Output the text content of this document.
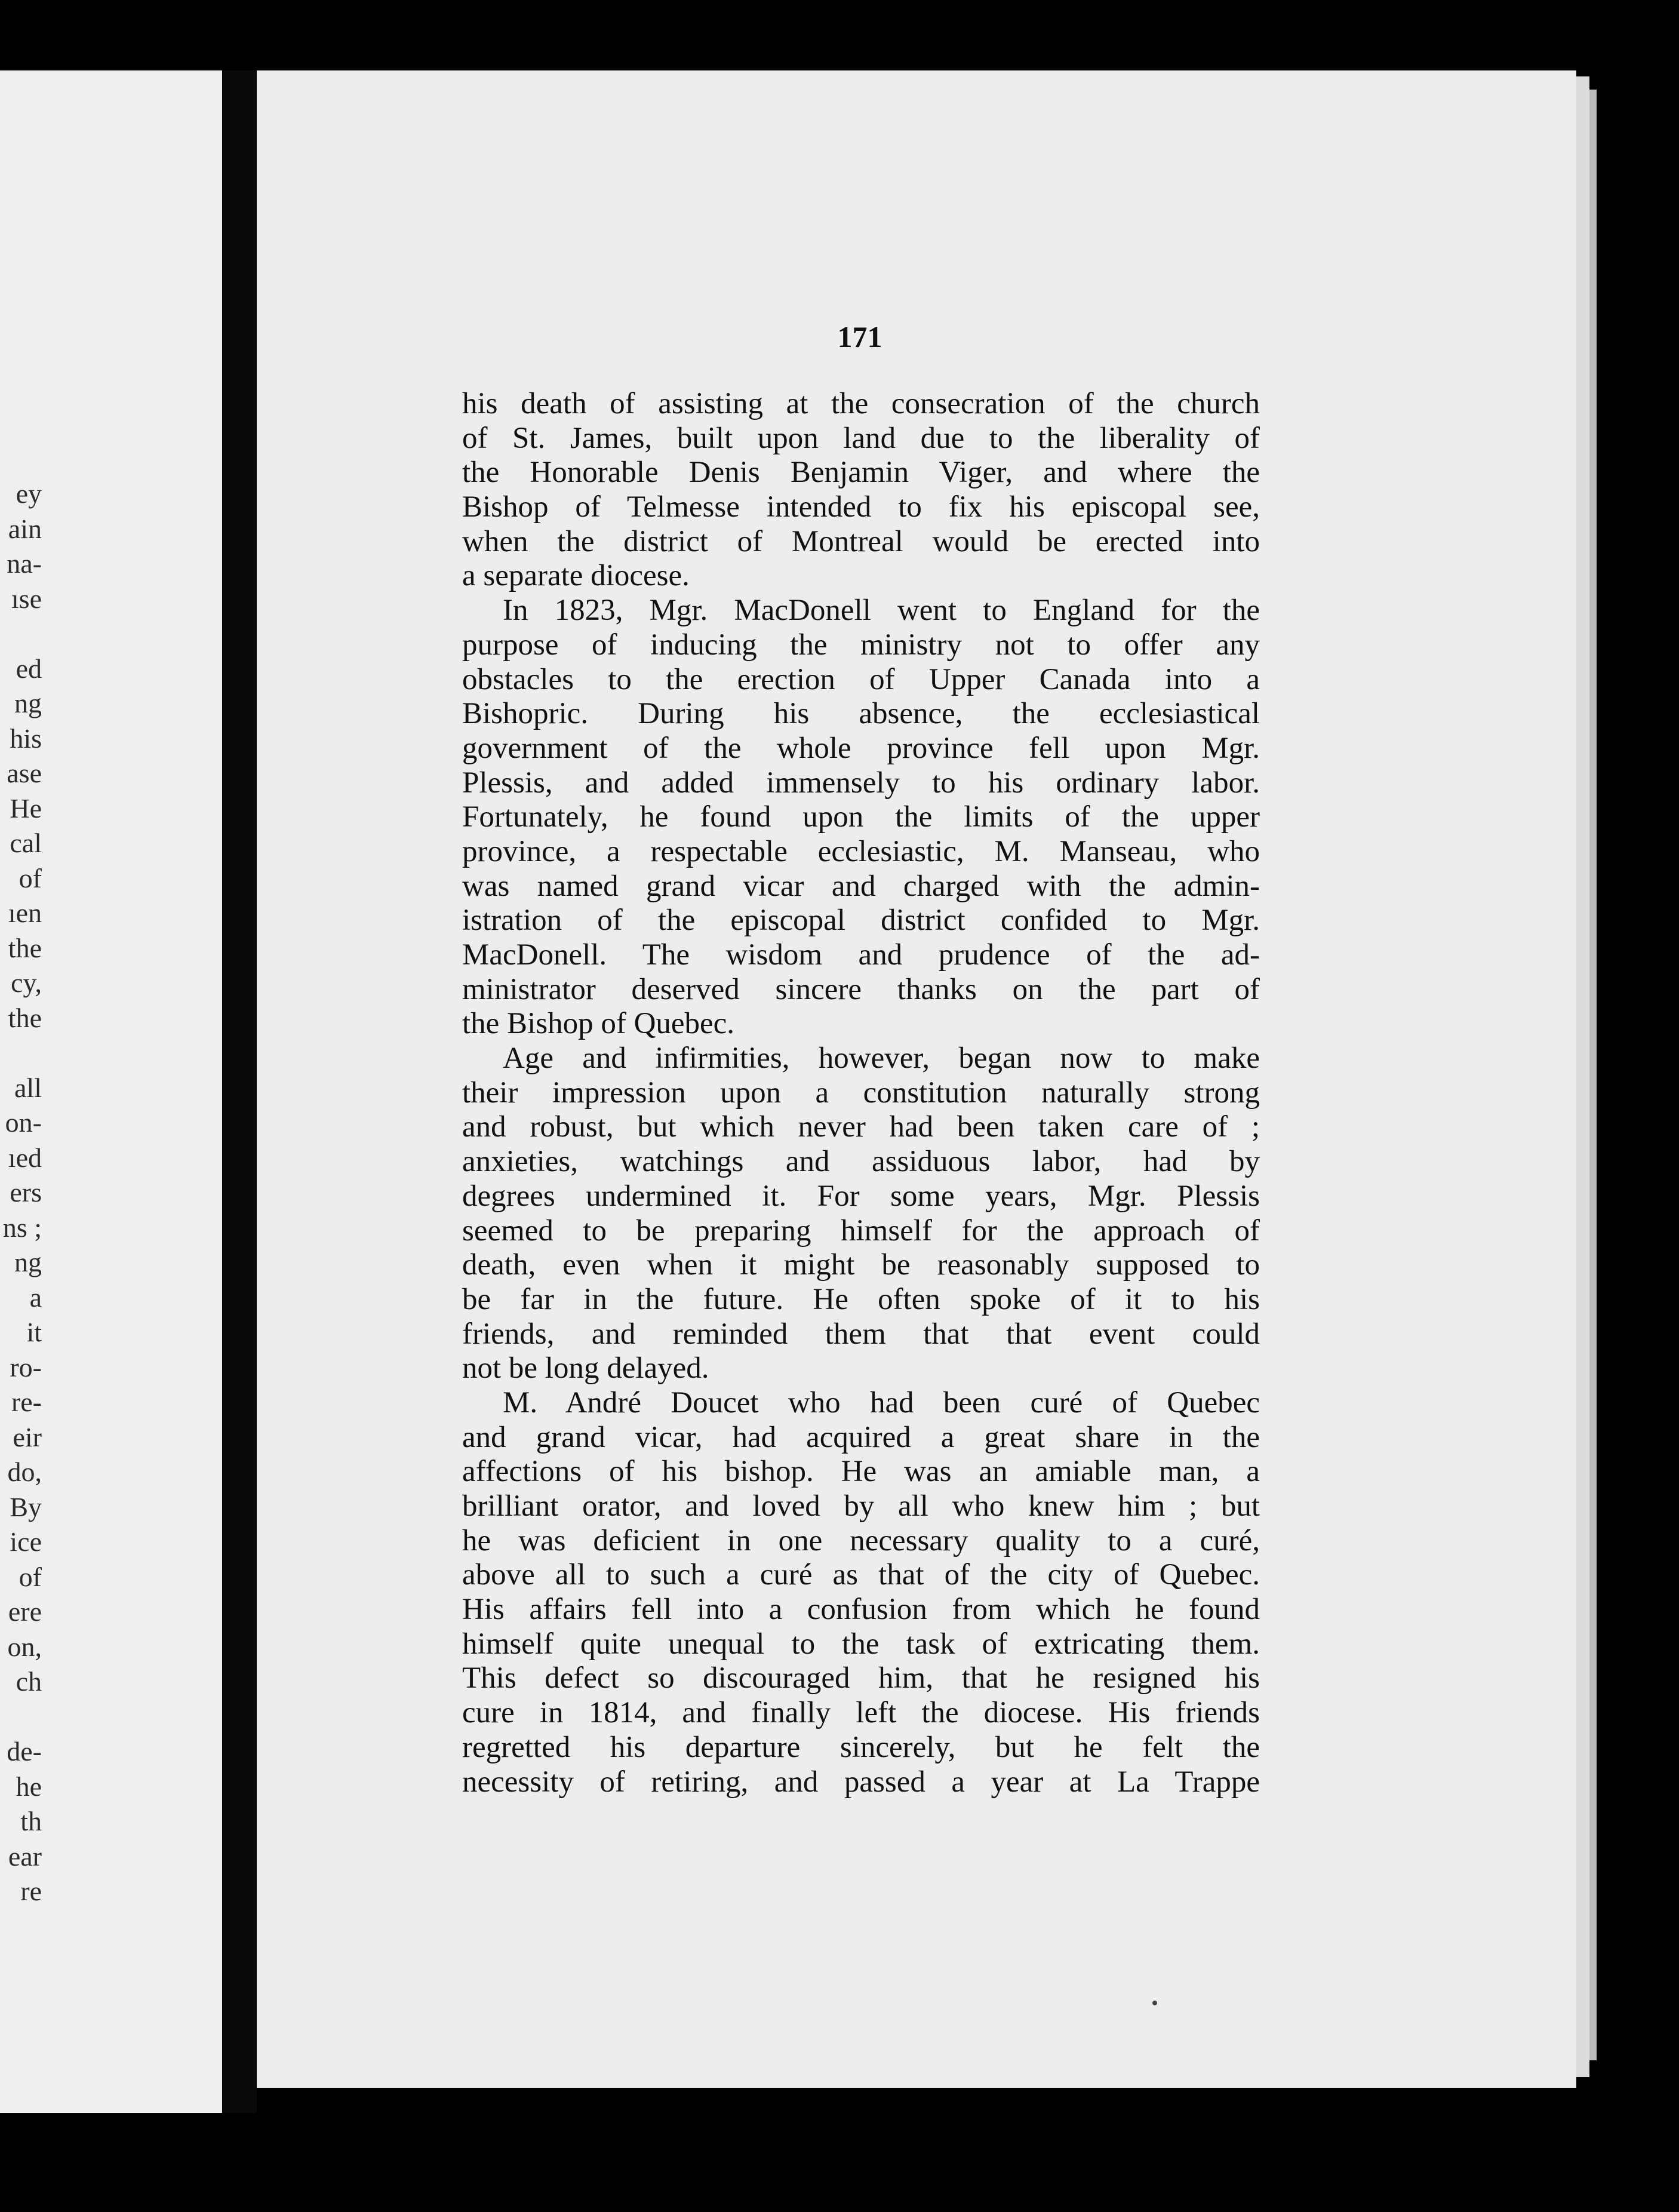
ey
ain
na-
ıse
ed
ng
his
ase
He
cal
of
ıen
the
cy,
the
all
on-
ıed
ers
ns ;
ng
a
it
ro-
re-
eir
do,
By
ice
of
ere
on,
ch
de-
he
th
ear
re
171
his death of assisting at the consecration of the church
of St. James, built upon land due to the liberality of
the Honorable Denis Benjamin Viger, and where the
Bishop of Telmesse intended to fix his episcopal see,
when the district of Montreal would be erected into
a separate diocese.
In 1823, Mgr. MacDonell went to England for the
purpose of inducing the ministry not to offer any
obstacles to the erection of Upper Canada into a
Bishopric. During his absence, the ecclesiastical
government of the whole province fell upon Mgr.
Plessis, and added immensely to his ordinary labor.
Fortunately, he found upon the limits of the upper
province, a respectable ecclesiastic, M. Manseau, who
was named grand vicar and charged with the admin-
istration of the episcopal district confided to Mgr.
MacDonell. The wisdom and prudence of the ad-
ministrator deserved sincere thanks on the part of
the Bishop of Quebec.
Age and infirmities, however, began now to make
their impression upon a constitution naturally strong
and robust, but which never had been taken care of ;
anxieties, watchings and assiduous labor, had by
degrees undermined it. For some years, Mgr. Plessis
seemed to be preparing himself for the approach of
death, even when it might be reasonably supposed to
be far in the future. He often spoke of it to his
friends, and reminded them that that event could
not be long delayed.
M. André Doucet who had been curé of Quebec
and grand vicar, had acquired a great share in the
affections of his bishop. He was an amiable man, a
brilliant orator, and loved by all who knew him ; but
he was deficient in one necessary quality to a curé,
above all to such a curé as that of the city of Quebec.
His affairs fell into a confusion from which he found
himself quite unequal to the task of extricating them.
This defect so discouraged him, that he resigned his
cure in 1814, and finally left the diocese. His friends
regretted his departure sincerely, but he felt the
necessity of retiring, and passed a year at La Trappe
